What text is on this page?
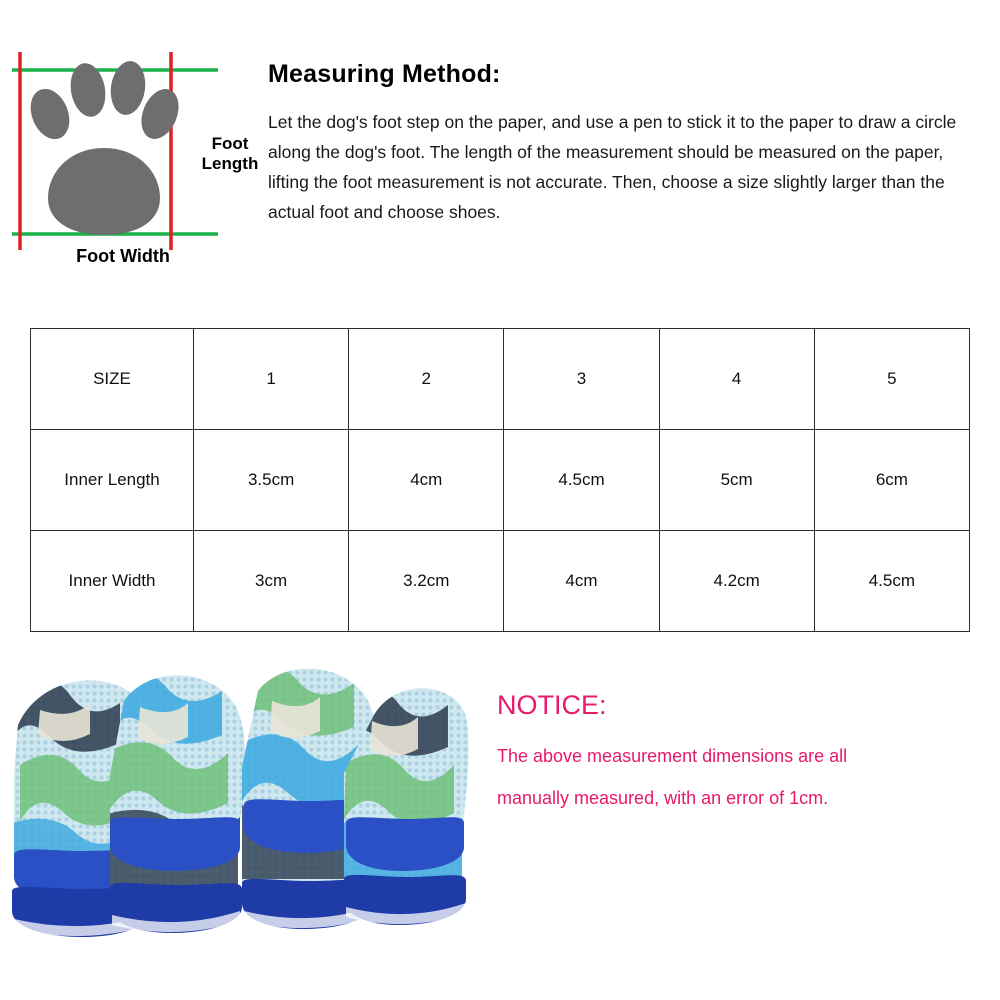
Foot
Length
Foot Width
Measuring Method:

Let the dog's foot step on the paper, and use a pen to stick it to the paper to draw a circle along the dog's foot. The length of the measurement should be measured on the paper, lifting the foot measurement is not accurate. Then, choose a size slightly larger than the actual foot and choose shoes.

SIZE	1	2	3	4	5
Inner Length	3.5cm	4cm	4.5cm	5cm	6cm
Inner Width	3cm	3.2cm	4cm	4.2cm	4.5cm
NOTICE:
The above measurement dimensions are all
manually measured, with an error of 1cm.
